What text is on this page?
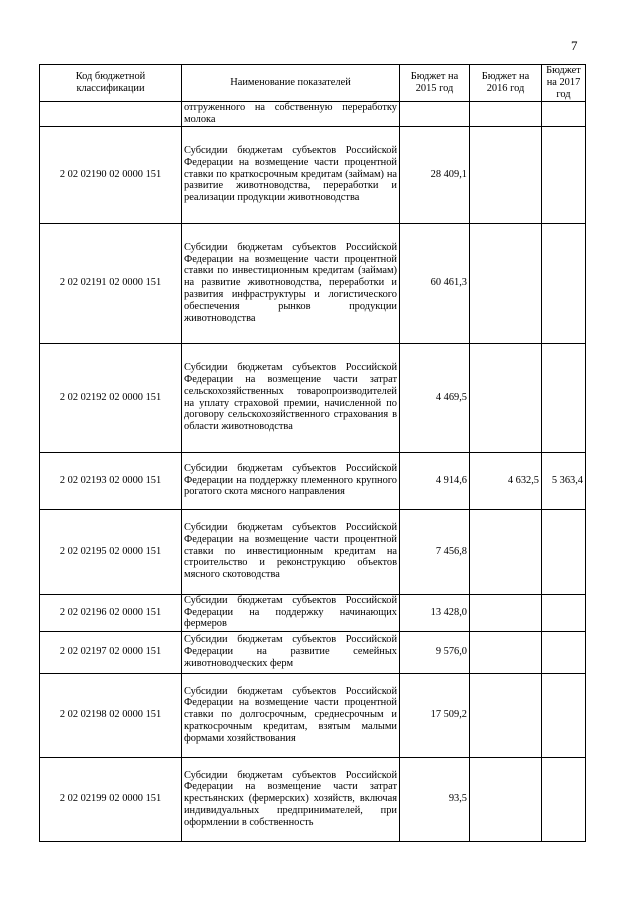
7
Код бюджетной классификации	Наименование показателей	Бюджет на 2015 год	Бюджет на 2016 год	Бюджет на 2017 год
	отгруженного на собственную переработку молока			
2 02 02190 02 0000 151	Субсидии бюджетам субъектов Российской Федерации на возмещение части процентной ставки по краткосрочным кредитам (займам) на развитие животноводства, переработки и реализации продукции животноводства	28 409,1		
2 02 02191 02 0000 151	Субсидии бюджетам субъектов Российской Федерации на возмещение части процентной ставки по инвестиционным кредитам (займам) на развитие животноводства, переработки и развития инфраструктуры и логистического обеспечения рынков продукции животноводства	60 461,3		
2 02 02192 02 0000 151	Субсидии бюджетам субъектов Российской Федерации на возмещение части затрат сельскохозяйственных товаропроизводителей на уплату страховой премии, начисленной по договору сельскохозяйственного страхования в области животноводства	4 469,5		
2 02 02193 02 0000 151	Субсидии бюджетам субъектов Российской Федерации на поддержку племенного крупного рогатого скота мясного направления	4 914,6	4 632,5	5 363,4
2 02 02195 02 0000 151	Субсидии бюджетам субъектов Российской Федерации на возмещение части процентной ставки по инвестиционным кредитам на строительство и реконструкцию объектов мясного скотоводства	7 456,8		
2 02 02196 02 0000 151	Субсидии бюджетам субъектов Российской Федерации на поддержку начинающих фермеров	13 428,0		
2 02 02197 02 0000 151	Субсидии бюджетам субъектов Российской Федерации на развитие семейных животноводческих ферм	9 576,0		
2 02 02198 02 0000 151	Субсидии бюджетам субъектов Российской Федерации на возмещение части процентной ставки по долгосрочным, среднесрочным и краткосрочным кредитам, взятым малыми формами хозяйствования	17 509,2		
2 02 02199 02 0000 151	Субсидии бюджетам субъектов Российской Федерации на возмещение части затрат крестьянских (фермерских) хозяйств, включая индивидуальных предпринимателей, при оформлении в собственность	93,5		
